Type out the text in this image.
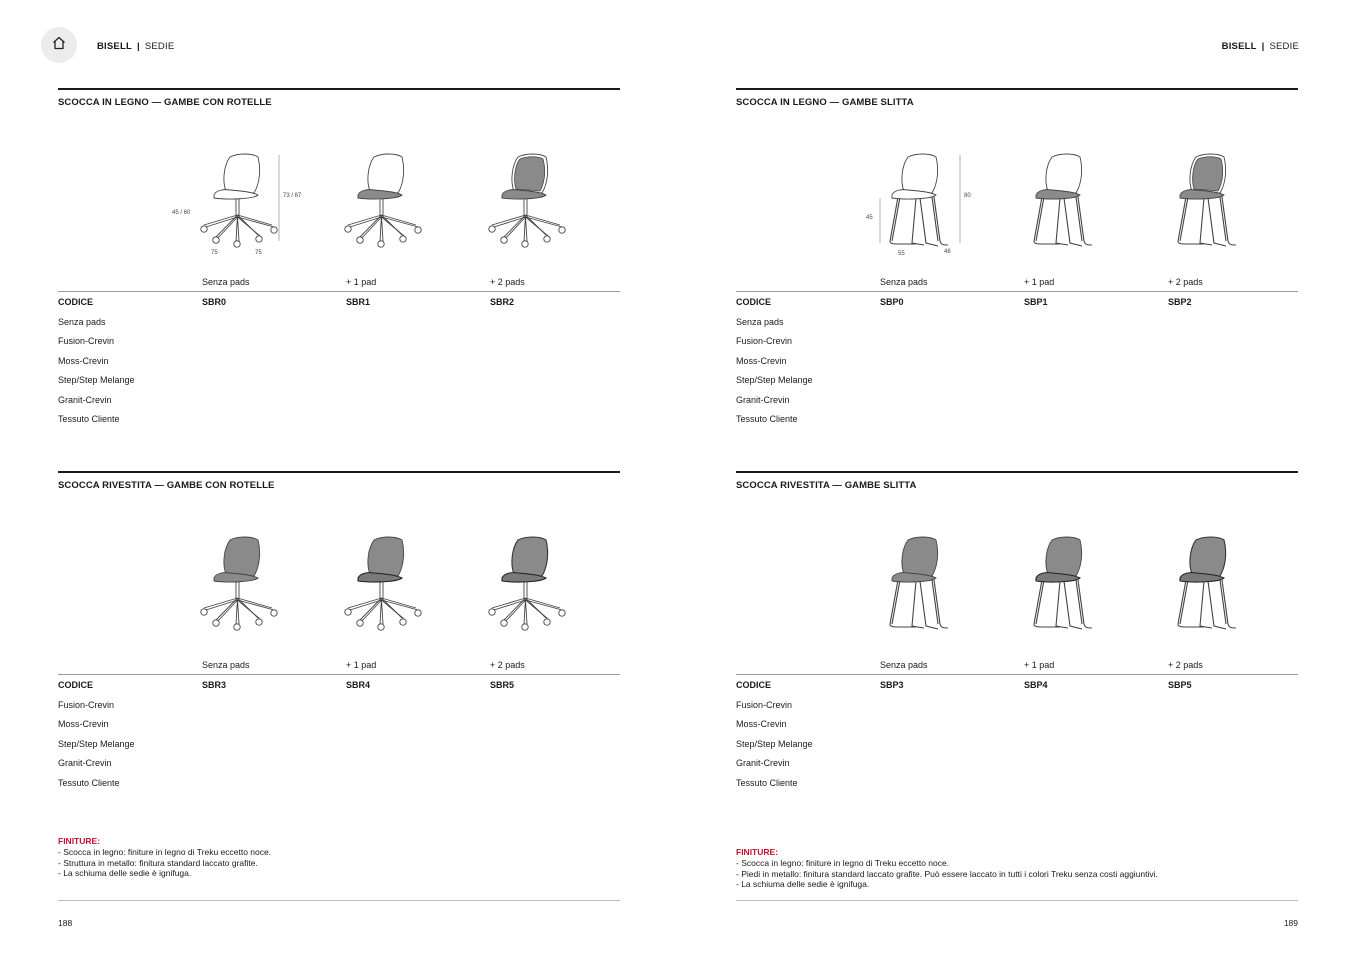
BISELL | SEDIE	BISELL | SEDIE
SCOCCA IN LEGNO — GAMBE CON ROTELLE
73 / 87
45 / 60
75	75
Senza pads	+ 1 pad	+ 2 pads
CODICE	SBR0	SBR1	SBR2
Senza pads
Fusion-Crevin
Moss-Crevin
Step/Step Melange
Granit-Crevin
Tessuto Cliente
SCOCCA RIVESTITA — GAMBE CON ROTELLE
Senza pads	+ 1 pad	+ 2 pads
CODICE	SBR3	SBR4	SBR5
Fusion-Crevin
Moss-Crevin
Step/Step Melange
Granit-Crevin
Tessuto Cliente
FINITURE:
- Scocca in legno: finiture in legno di Treku eccetto noce.
- Struttura in metallo: finitura standard laccato grafite.
- La schiuma delle sedie è ignifuga.
188
SCOCCA IN LEGNO — GAMBE SLITTA
80
45
55	48
Senza pads	+ 1 pad	+ 2 pads
CODICE	SBP0	SBP1	SBP2
Senza pads
Fusion-Crevin
Moss-Crevin
Step/Step Melange
Granit-Crevin
Tessuto Cliente
SCOCCA RIVESTITA — GAMBE SLITTA
Senza pads	+ 1 pad	+ 2 pads
CODICE	SBP3	SBP4	SBP5
Fusion-Crevin
Moss-Crevin
Step/Step Melange
Granit-Crevin
Tessuto Cliente
FINITURE:
- Scocca in legno: finiture in legno di Treku eccetto noce.
- Piedi in metallo: finitura standard laccato grafite. Può essere laccato in tutti i colori Treku senza costi aggiuntivi.
- La schiuma delle sedie è ignifuga.
189
